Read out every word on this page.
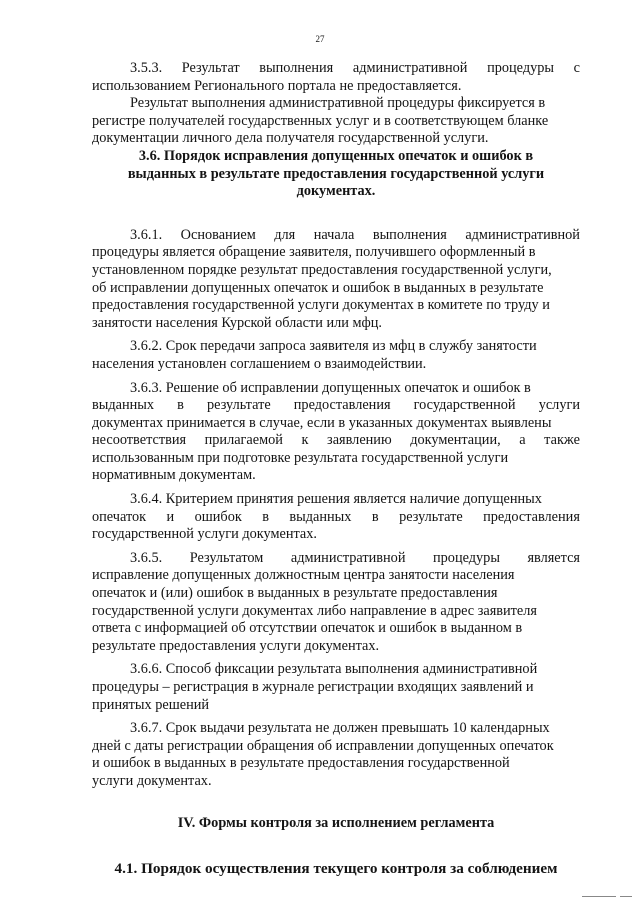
27

3.5.3. Результат выполнения административной процедуры с
использованием Регионального портала не предоставляется.

Результат выполнения административной процедуры фиксируется в
регистре получателей государственных услуг и в соответствующем бланке
документации личного дела получателя государственной услуги.

3.6. Порядок исправления допущенных опечаток и ошибок в
выданных в результате предоставления государственной услуги
документах.

3.6.1. Основанием для начала выполнения административной
процедуры является обращение заявителя, получившего оформленный в
установленном порядке результат предоставления государственной услуги,
об исправлении допущенных опечаток и ошибок в выданных в результате
предоставления государственной услуги документах в комитете по труду и
занятости населения Курской области или мфц.

3.6.2. Срок передачи запроса заявителя из мфц в службу занятости
населения установлен соглашением о взаимодействии.

3.6.3. Решение об исправлении допущенных опечаток и ошибок в
выданных в результате предоставления государственной услуги
документах принимается в случае, если в указанных документах выявлены
несоответствия прилагаемой к заявлению документации, а также
использованным при подготовке результата государственной услуги
нормативным документам.

3.6.4. Критерием принятия решения является наличие допущенных
опечаток и ошибок в выданных в результате предоставления
государственной услуги документах.

3.6.5. Результатом административной процедуры является
исправление допущенных должностным центра занятости населения
опечаток и (или) ошибок в выданных в результате предоставления
государственной услуги документах либо направление в адрес заявителя
ответа с информацией об отсутствии опечаток и ошибок в выданном в
результате предоставления услуги документах.

3.6.6. Способ фиксации результата выполнения административной
процедуры – регистрация в журнале регистрации входящих заявлений и
принятых решений

3.6.7. Срок выдачи результата не должен превышать 10 календарных
дней с даты регистрации обращения об исправлении допущенных опечаток
и ошибок в выданных в результате предоставления государственной
услуги документах.

IV. Формы контроля за исполнением регламента
4.1. Порядок осуществления текущего контроля за соблюдением
